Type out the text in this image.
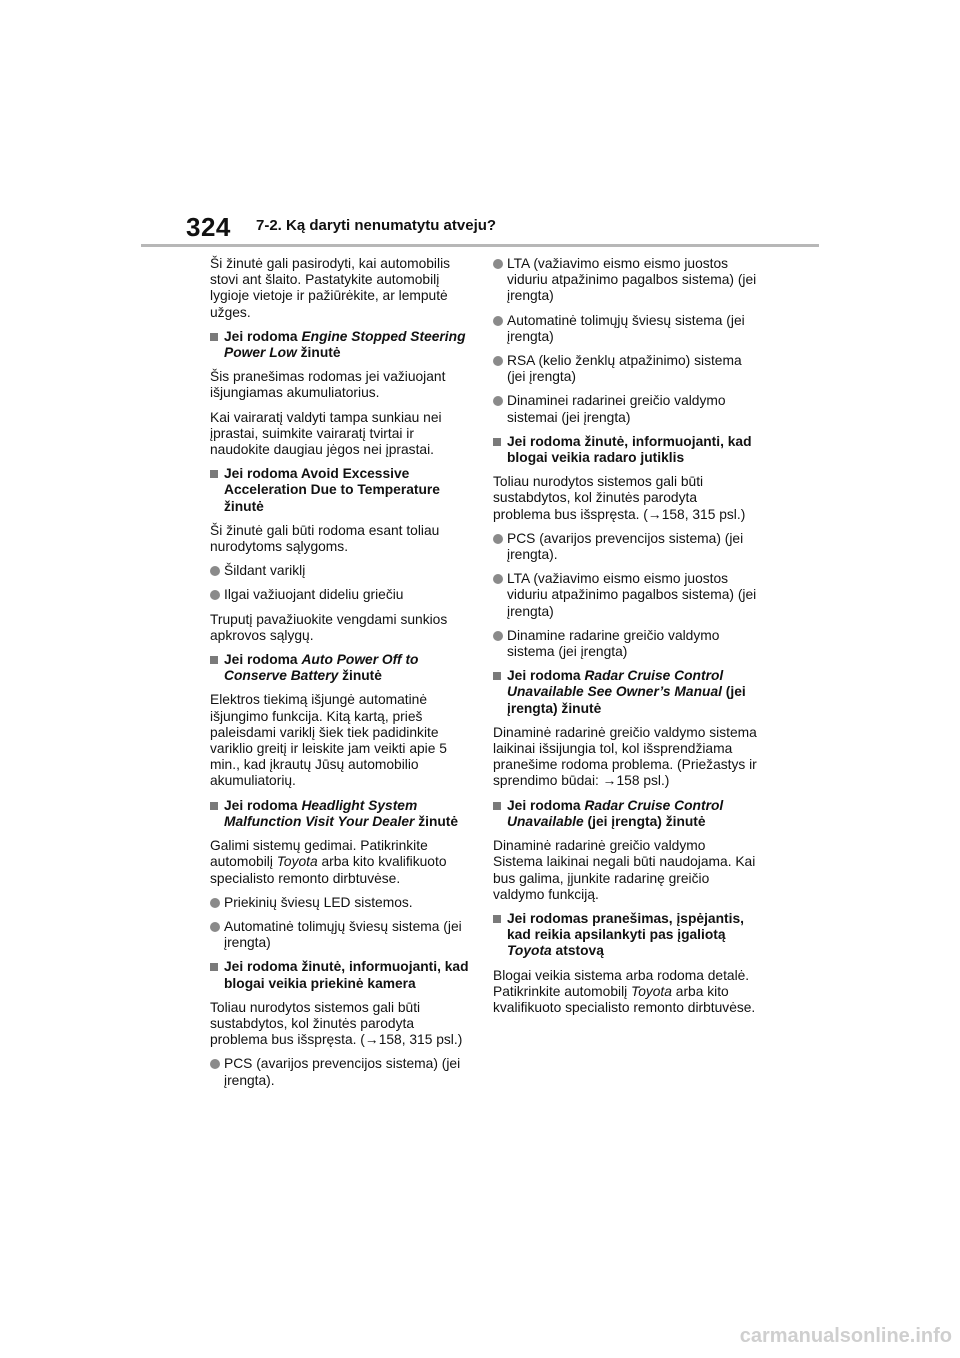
324 7-2. Ką daryti nenumatytu atveju?

Ši žinutė gali pasirodyti, kai automobilis stovi ant šlaito. Pastatykite automobilį lygioje vietoje ir pažiūrėkite, ar lemputė užges.

Jei rodoma Engine Stopped Steering Power Low žinutė

Šis pranešimas rodomas jei važiuojant išjungiamas akumuliatorius.

Kai vairaratį valdyti tampa sunkiau nei įprastai, suimkite vairaratį tvirtai ir naudokite daugiau jėgos nei įprastai.

Jei rodoma Avoid Excessive Acceleration Due to Temperature žinutė

Ši žinutė gali būti rodoma esant toliau nurodytoms sąlygoms.

Šildant variklį
Ilgai važiuojant dideliu griečiu

Truputį pavažiuokite vengdami sunkios apkrovos sąlygų.

Jei rodoma Auto Power Off to Conserve Battery žinutė

Elektros tiekimą išjungė automatinė išjungimo funkcija. Kitą kartą, prieš paleisdami variklį šiek tiek padidinkite variklio greitį ir leiskite jam veikti apie 5 min., kad įkrautų Jūsų automobilio akumuliatorių.

Jei rodoma Headlight System Malfunction Visit Your Dealer žinutė

Galimi sistemų gedimai. Patikrinkite automobilį Toyota arba kito kvalifikuoto specialisto remonto dirbtuvėse.

Priekinių šviesų LED sistemos.
Automatinė tolimųjų šviesų sistema (jei įrengta)
Jei rodoma žinutė, informuojanti, kad blogai veikia priekinė kamera

Toliau nurodytos sistemos gali būti sustabdytos, kol žinutės parodyta problema bus išspręsta. (→158, 315 psl.)

PCS (avarijos prevencijos sistema) (jei įrengta).
LTA (važiavimo eismo eismo juostos viduriu atpažinimo pagalbos sistema) (jei įrengta)
Automatinė tolimųjų šviesų sistema (jei įrengta)
RSA (kelio ženklų atpažinimo) sistema (jei įrengta)
Dinaminei radarinei greičio valdymo sistemai (jei įrengta)
Jei rodoma žinutė, informuojanti, kad blogai veikia radaro jutiklis

Toliau nurodytos sistemos gali būti sustabdytos, kol žinutės parodyta problema bus išspręsta. (→158, 315 psl.)

PCS (avarijos prevencijos sistema) (jei įrengta).
LTA (važiavimo eismo eismo juostos viduriu atpažinimo pagalbos sistema) (jei įrengta)
Dinamine radarine greičio valdymo sistema (jei įrengta)
Jei rodoma Radar Cruise Control Unavailable See Owner’s Manual (jei įrengta) žinutė

Dinaminė radarinė greičio valdymo sistema laikinai išsijungia tol, kol išsprendžiama pranešime rodoma problema. (Priežastys ir sprendimo būdai: →158 psl.)

Jei rodoma Radar Cruise Control Unavailable (jei įrengta) žinutė

Dinaminė radarinė greičio valdymo Sistema laikinai negali būti naudojama. Kai bus galima, įjunkite radarinę greičio valdymo funkciją.

Jei rodomas pranešimas, įspėjantis, kad reikia apsilankyti pas įgaliotą Toyota atstovą

Blogai veikia sistema arba rodoma detalė. Patikrinkite automobilį Toyota arba kito kvalifikuoto specialisto remonto dirbtuvėse.

carmanualsonline.info
